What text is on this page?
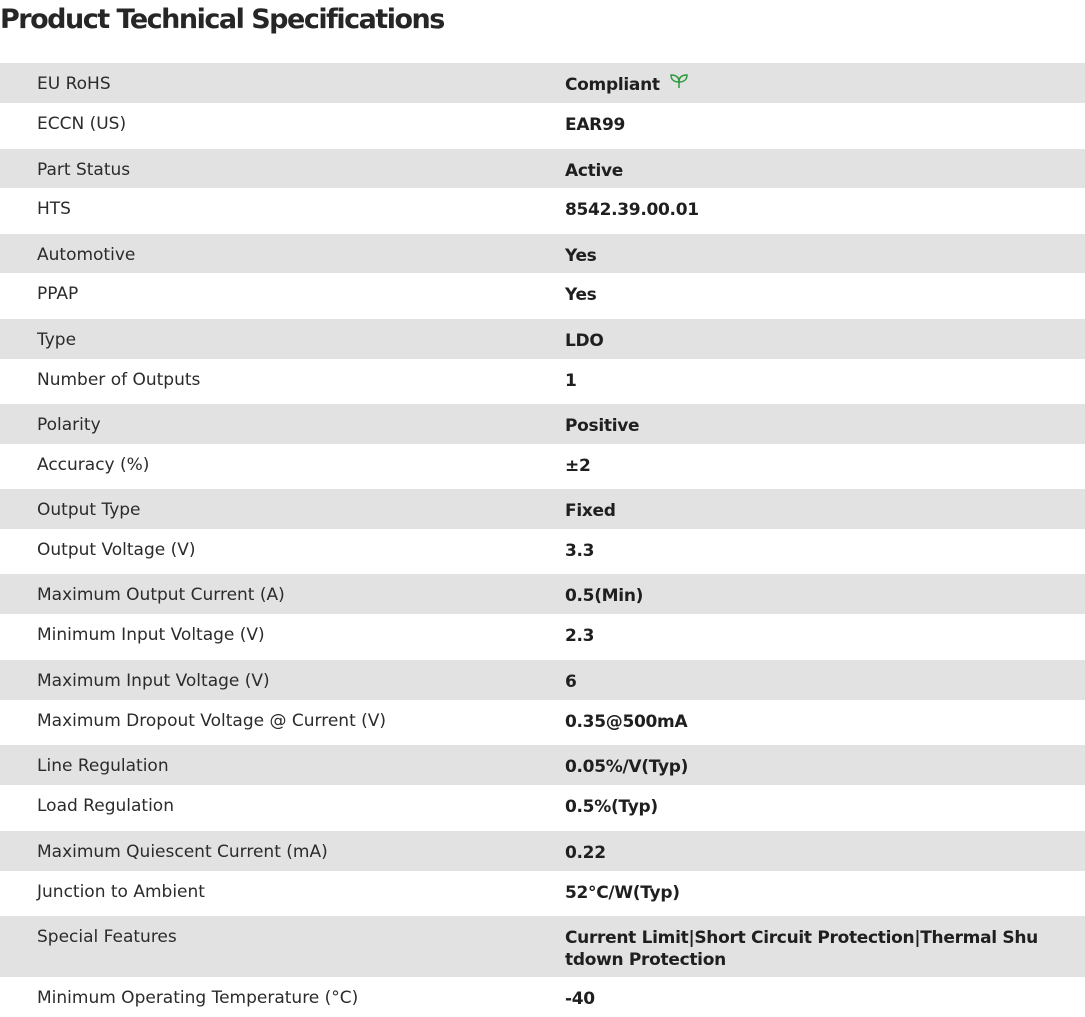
Product Technical Specifications
EU RoHS	Compliant
ECCN (US)	EAR99
Part Status	Active
HTS	8542.39.00.01
Automotive	Yes
PPAP	Yes
Type	LDO
Number of Outputs	1
Polarity	Positive
Accuracy (%)	±2
Output Type	Fixed
Output Voltage (V)	3.3
Maximum Output Current (A)	0.5(Min)
Minimum Input Voltage (V)	2.3
Maximum Input Voltage (V)	6
Maximum Dropout Voltage @ Current (V)	0.35@500mA
Line Regulation	0.05%/V(Typ)
Load Regulation	0.5%(Typ)
Maximum Quiescent Current (mA)	0.22
Junction to Ambient	52°C/W(Typ)
Special Features	Current Limit|Short Circuit Protection|Thermal Shutdown Protection
Minimum Operating Temperature (°C)	-40
